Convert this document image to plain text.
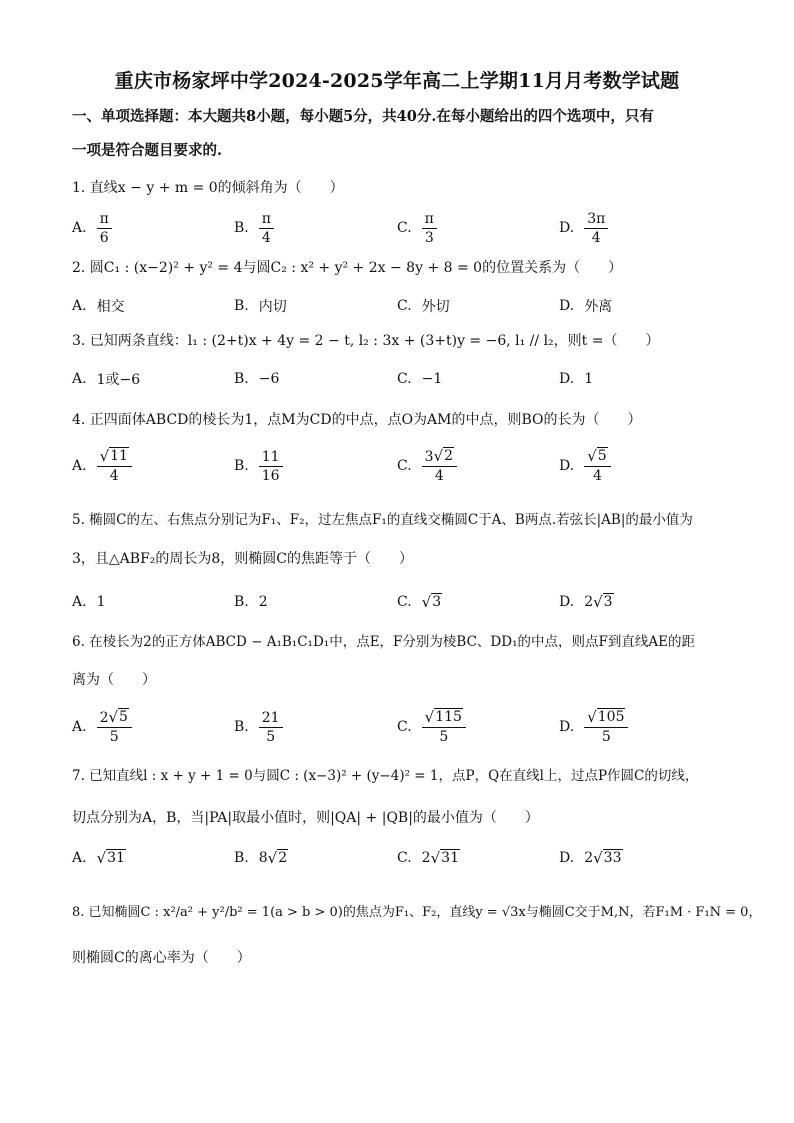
重庆市杨家坪中学2024-2025学年高二上学期11月月考数学试题
一、单项选择题：本大题共8小题，每小题5分，共40分.在每小题给出的四个选项中，只有
一项是符合题目要求的.
1. 直线x − y + m = 0的倾斜角为（　　）
A. $\frac{\pi}{6}$	B. $\frac{\pi}{4}$	C. $\frac{\pi}{3}$	D. $\frac{3\pi}{4}$
2. 圆C₁ : (x−2)² + y² = 4与圆C₂ : x² + y² + 2x − 8y + 8 = 0的位置关系为（　　）
A. 相交	B. 内切	C. 外切	D. 外离
3. 已知两条直线：l₁ : (2+t)x + 4y = 2 − t, l₂ : 3x + (3+t)y = −6, l₁ // l₂，则t =（　　）
A. 1或−6	B. −6	C. −1	D. 1
4. 正四面体ABCD的棱长为1，点M为CD的中点，点O为AM的中点，则BO的长为（　　）
A. $\frac{√ 11}{4}$	B. $\frac{11}{16}$	C. $\frac{3 √ 2}{4}$	D. $\frac{√ 5}{4}$
5. 椭圆C的左、右焦点分别记为F₁、F₂，过左焦点F₁的直线交椭圆C于A、B两点.若弦长|AB|的最小值为
3，且△ABF₂的周长为8，则椭圆C的焦距等于（　　）
A. 1	B. 2	C. √ 3	D. 2 √ 3
6. 在棱长为2的正方体ABCD − A₁B₁C₁D₁中，点E，F分别为棱BC、DD₁的中点，则点F到直线AE的距
离为（　　）
A. $\frac{2 √ 5}{5}$	B. $\frac{21}{5}$	C. $\frac{√ 115}{5}$	D. $\frac{√ 105}{5}$
7. 已知直线l : x + y + 1 = 0与圆C : (x−3)² + (y−4)² = 1，点P，Q在直线l上，过点P作圆C的切线，
切点分别为A，B，当|PA|取最小值时，则|QA| + |QB|的最小值为（　　）
A. √ 31	B. 8 √ 2	C. 2 √ 31	D. 2 √ 33
8. 已知椭圆C : x²/a² + y²/b² = 1(a > b > 0)的焦点为F₁、F₂，直线y = √3x与椭圆C交于M,N，若F₁M · F₁N = 0，
则椭圆C的离心率为（　　）
